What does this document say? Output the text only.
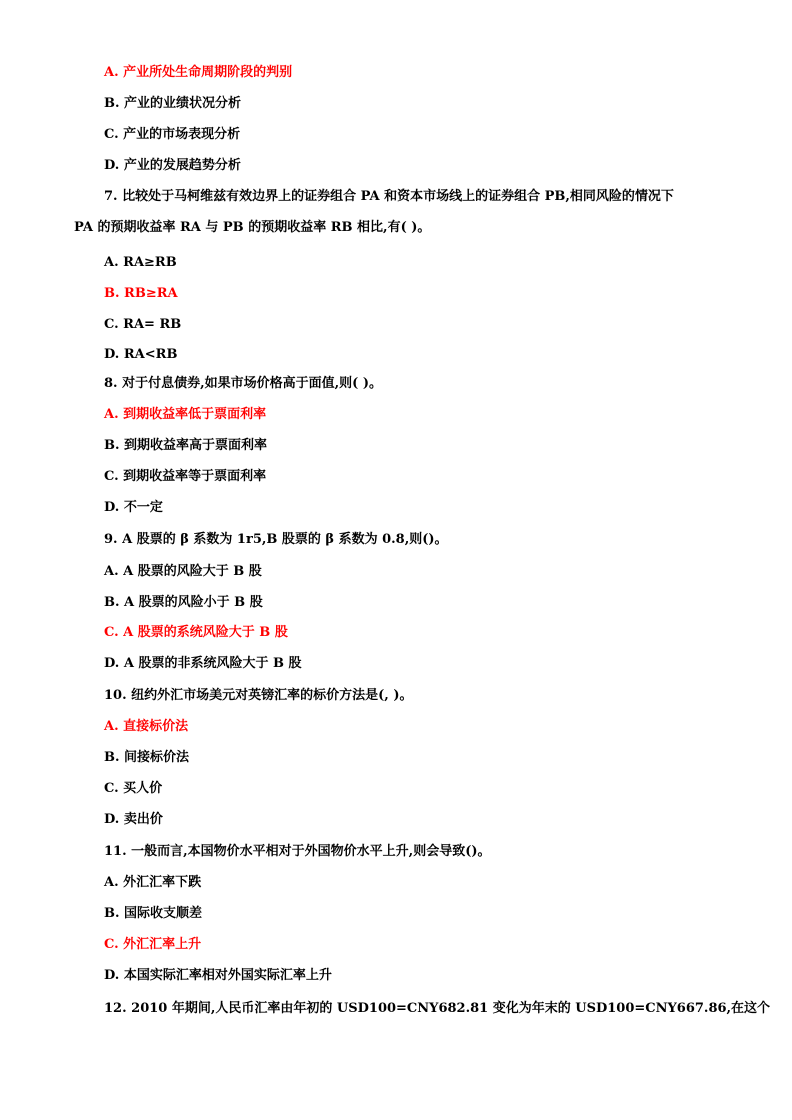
A. 产业所处生命周期阶段的判别
B. 产业的业绩状况分析
C. 产业的市场表现分析
D. 产业的发展趋势分析
7. 比较处于马柯维兹有效边界上的证券组合 PA 和资本市场线上的证券组合 PB,相同风险的情况下
PA 的预期收益率 RA 与 PB 的预期收益率 RB 相比,有( )。
A. RA≥RB
B. RB≥RA
C. RA= RB
D. RA<RB
8. 对于付息债券,如果市场价格高于面值,则( )。
A. 到期收益率低于票面利率
B. 到期收益率高于票面利率
C. 到期收益率等于票面利率
D. 不一定
9. A 股票的 β 系数为 1r5,B 股票的 β 系数为 0.8,则()。
A. A 股票的风险大于 B 股
B. A 股票的风险小于 B 股
C. A 股票的系统风险大于 B 股
D. A 股票的非系统风险大于 B 股
10. 纽约外汇市场美元对英镑汇率的标价方法是(, )。
A. 直接标价法
B. 间接标价法
C. 买人价
D. 卖出价
11. 一般而言,本国物价水平相对于外国物价水平上升,则会导致()。
A. 外汇汇率下跌
B. 国际收支顺差
C. 外汇汇率上升
D. 本国实际汇率相对外国实际汇率上升
12. 2010 年期间,人民币汇率由年初的 USD100=CNY682.81 变化为年末的 USD100=CNY667.86,在这个
